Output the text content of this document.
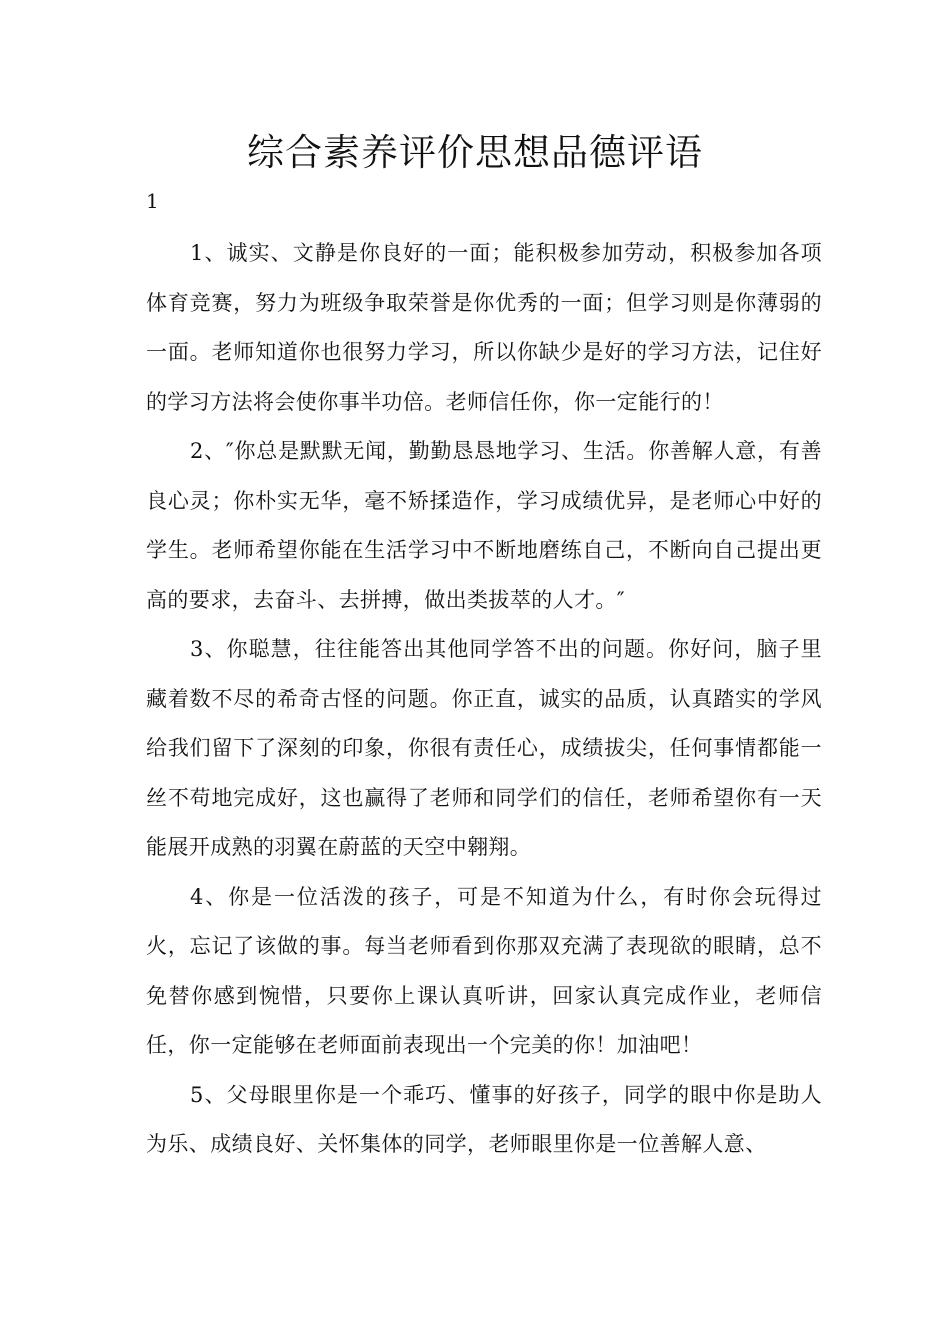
综合素养评价思想品德评语
1

1、诚实、文静是你良好的一面；能积极参加劳动，积极参加各项体育竞赛，努力为班级争取荣誉是你优秀的一面；但学习则是你薄弱的一面。老师知道你也很努力学习，所以你缺少是好的学习方法，记住好的学习方法将会使你事半功倍。老师信任你，你一定能行的！

2、″你总是默默无闻，勤勤恳恳地学习、生活。你善解人意，有善良心灵；你朴实无华，毫不矫揉造作，学习成绩优异，是老师心中好的学生。老师希望你能在生活学习中不断地磨练自己，不断向自己提出更高的要求，去奋斗、去拼搏，做出类拔萃的人才。″

3、你聪慧，往往能答出其他同学答不出的问题。你好问，脑子里藏着数不尽的希奇古怪的问题。你正直，诚实的品质，认真踏实的学风给我们留下了深刻的印象，你很有责任心，成绩拔尖，任何事情都能一丝不苟地完成好，这也赢得了老师和同学们的信任，老师希望你有一天能展开成熟的羽翼在蔚蓝的天空中翱翔。

4、你是一位活泼的孩子，可是不知道为什么，有时你会玩得过火，忘记了该做的事。每当老师看到你那双充满了表现欲的眼睛，总不免替你感到惋惜，只要你上课认真听讲，回家认真完成作业，老师信任，你一定能够在老师面前表现出一个完美的你！加油吧！

5、父母眼里你是一个乖巧、懂事的好孩子，同学的眼中你是助人为乐、成绩良好、关怀集体的同学，老师眼里你是一位善解人意、
